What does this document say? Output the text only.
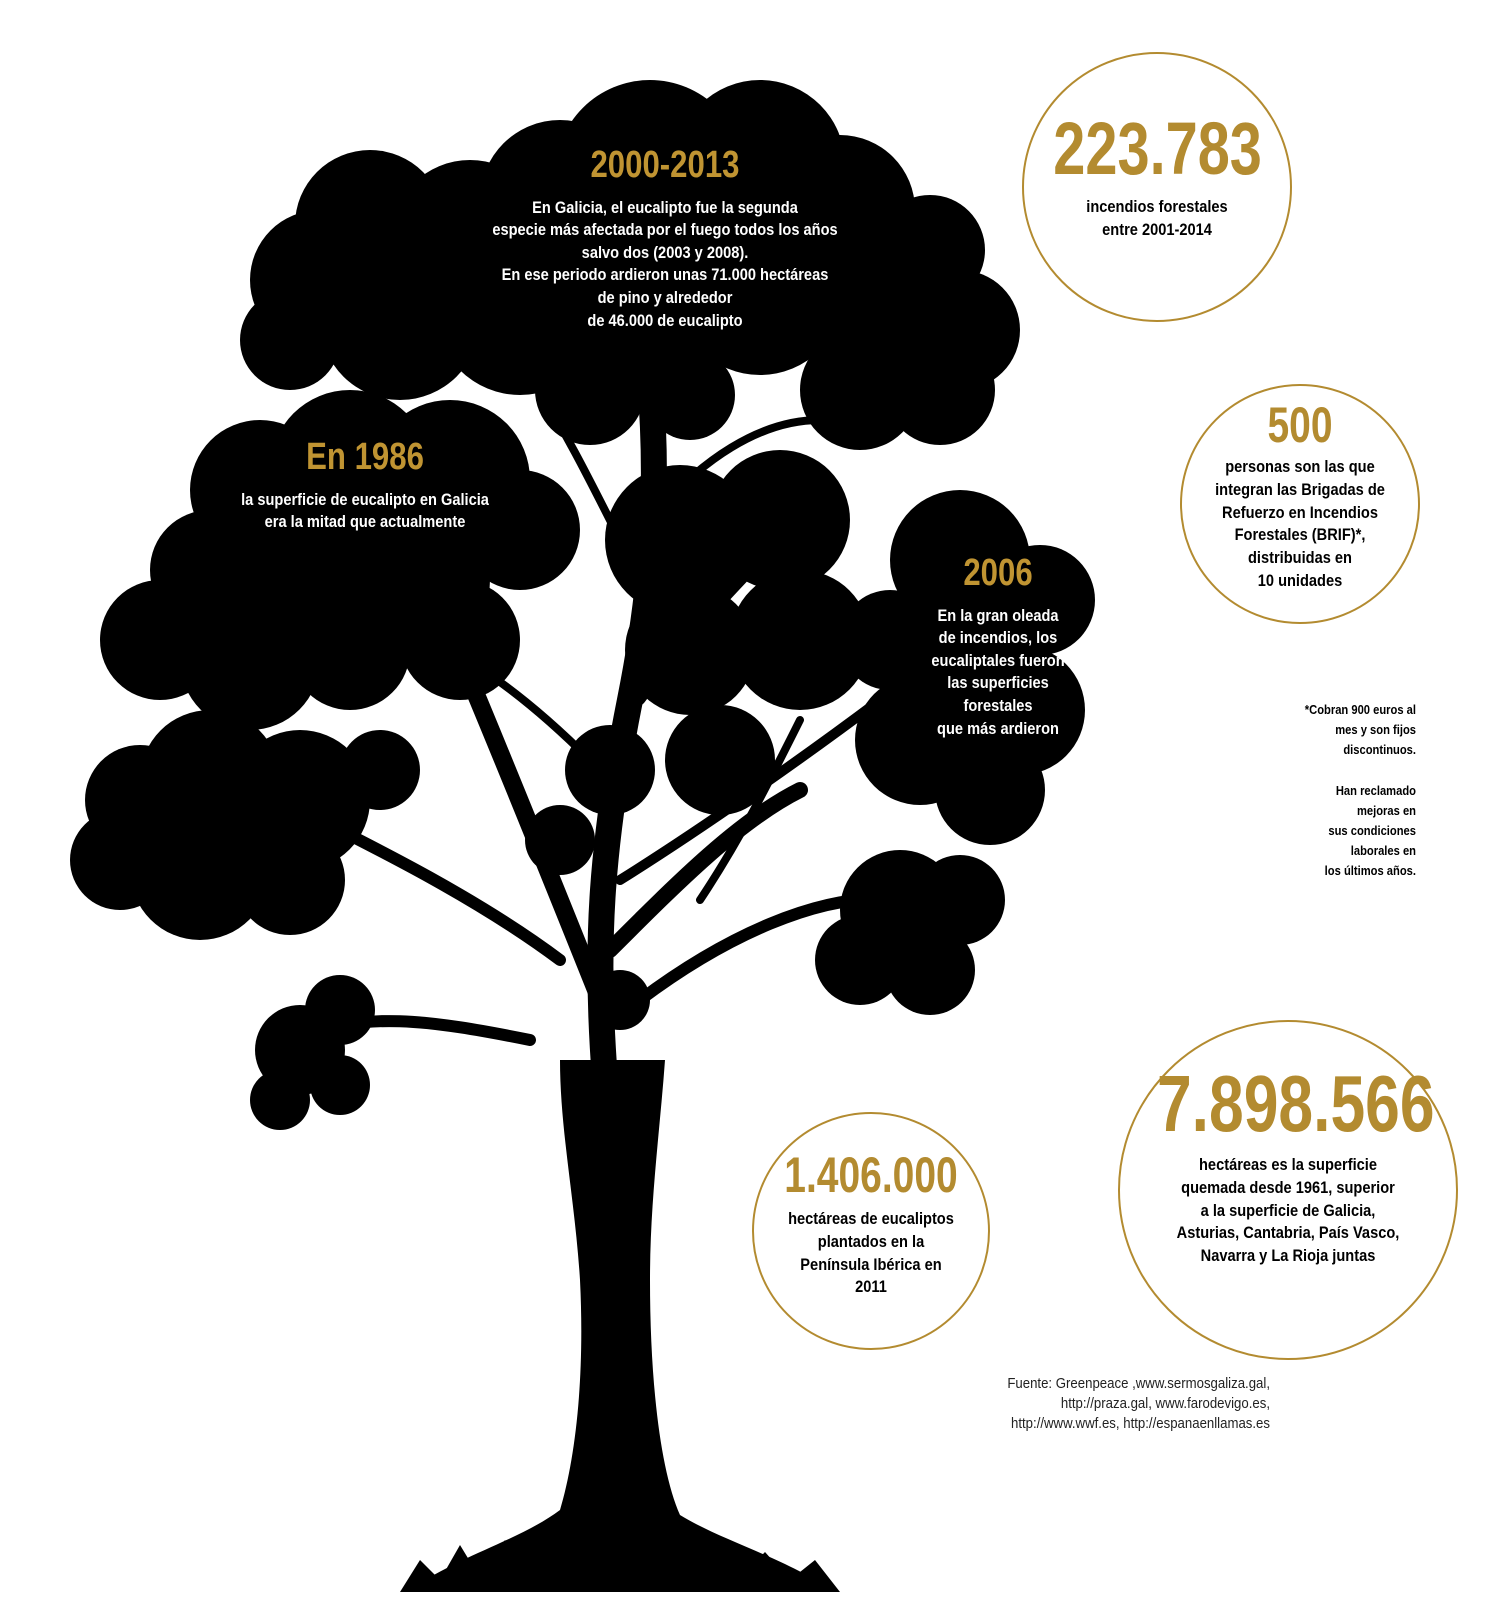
2000-2013
En Galicia, el eucalipto fue la segunda
especie más afectada por el fuego todos los años
salvo dos (2003 y 2008).
En ese periodo ardieron unas 71.000 hectáreas
de pino y alrededor
de 46.000 de eucalipto
En 1986
la superficie de eucalipto en Galicia
era la mitad que actualmente
2006
En la gran oleada
de incendios, los
eucaliptales fueron
las superficies
forestales
que más ardieron
223.783
incendios forestales
entre 2001-2014
500
personas son las que
integran las Brigadas de
Refuerzo en Incendios
Forestales (BRIF)*,
distribuidas en
10 unidades
1.406.000
hectáreas de eucaliptos
plantados en la
Península Ibérica en
2011
7.898.566
hectáreas es la superficie
quemada desde 1961, superior
a la superficie de Galicia,
Asturias, Cantabria, País Vasco,
Navarra y La Rioja juntas
*Cobran 900 euros al
mes y son fijos
discontinuos.

Han reclamado
mejoras en
sus condiciones
laborales en
los últimos años.
Fuente: Greenpeace ,www.sermosgaliza.gal,
http://praza.gal, www.farodevigo.es,
http://www.wwf.es, http://espanaenllamas.es
